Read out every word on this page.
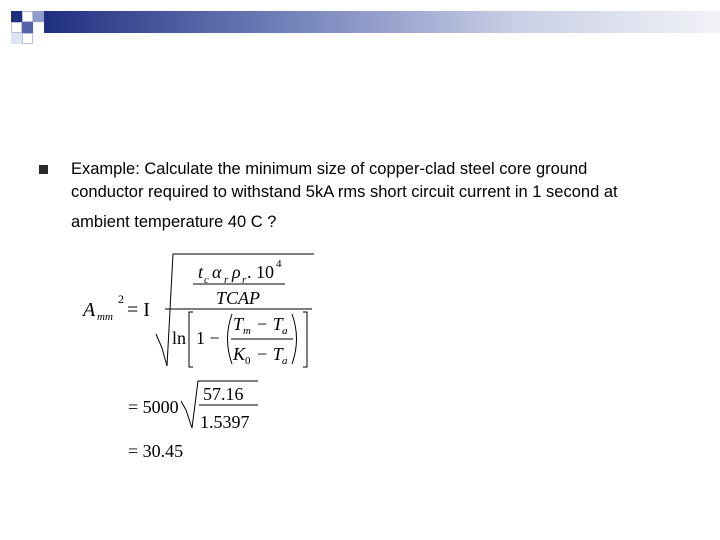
Example: Calculate the minimum size of copper-clad steel core ground
conductor required to withstand 5kA rms short circuit current in 1 second at
ambient temperature 40 C ?
A mm
2 = I
t c α r ρ r . 10 4
TCAP
ln 1 −
T m − T a
K 0 − T a
= 5000
57.16
1.5397
= 30.45
